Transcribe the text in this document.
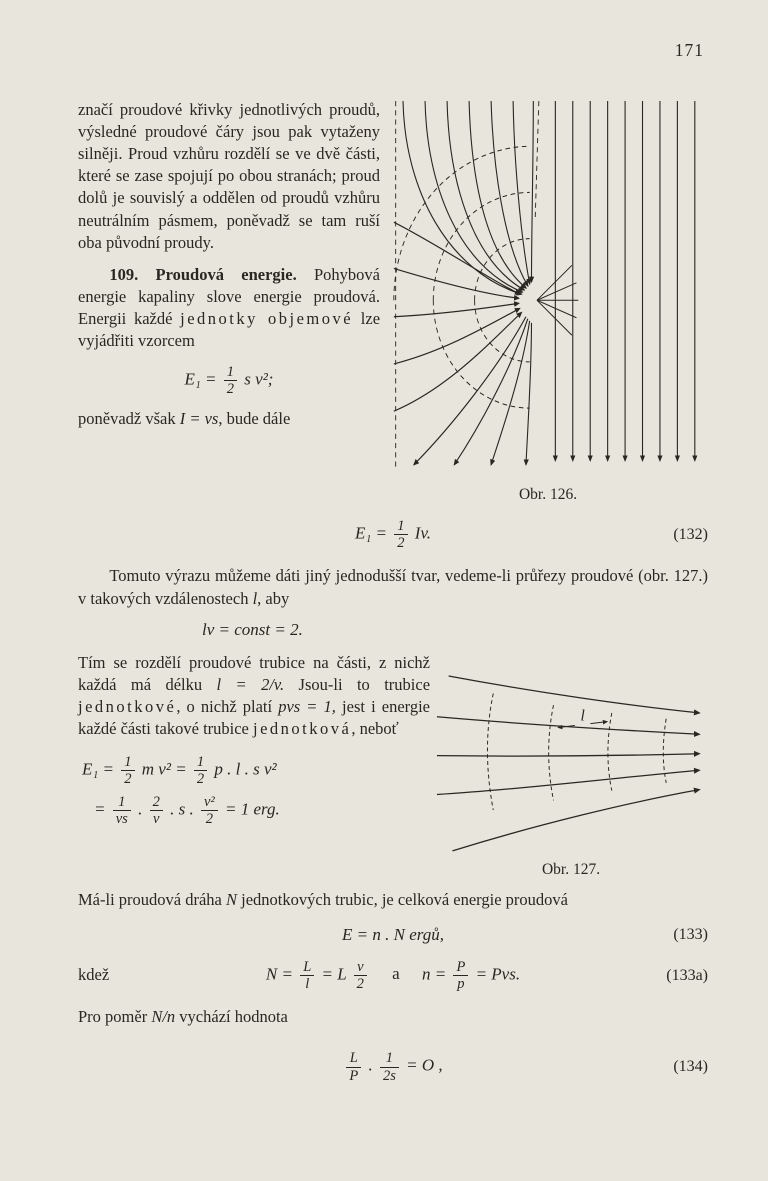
171

značí proudové křivky jednotlivých proudů, výsledné proudové čáry jsou pak vytaženy silněji. Proud vzhůru rozdělí se ve dvě části, které se zase spojují po obou stranách; proud dolů je souvislý a oddělen od proudů vzhůru neutrálním pásmem, poněvadž se tam ruší oba původní proudy.

109. Proudová energie. Pohybová energie kapaliny slove energie proudová. Energii každé jednotky objemové lze vyjádřiti vzorcem

$E_1 = \frac{1}{2}$ s v²;

poněvadž však I = vs, bude dále

Obr. 126.
$E_1 = \frac{1}{2} Iv$.	(132)

Tomuto výrazu můžeme dáti jiný jednodušší tvar, vedeme-li průřezy proudové (obr. 127.) v takových vzdálenostech l, aby

lv = const = 2.

Tím se rozdělí proudové trubice na části, z nichž každá má délku l = 2/v. Jsou-li to trubice jednotkové, o nichž platí pvs = 1, jest i energie každé části takové trubice jednotková, neboť

$E_1 = \frac{1}{2}$ m $v^2 = \frac{1}{2}$ p . l . s v²
= $\frac{1}{vs}$ . $\frac{2}{v}$ . s . $\frac{\text{v²}}{2} = 1$ erg.
l
Obr. 127.

Má-li proudová dráha N jednotkových trubic, je celková energie proudová

E = n . N ergů,	(133)
kdež	$N = \frac{L}{l} = L \frac{v}{2}$ a $n = \frac{P}{p}$ = Pvs.	(133a)

Pro poměr N/n vychází hodnota

$\frac{L}{P}$ . $\frac{1}{2s} = O$ ,	(134)
